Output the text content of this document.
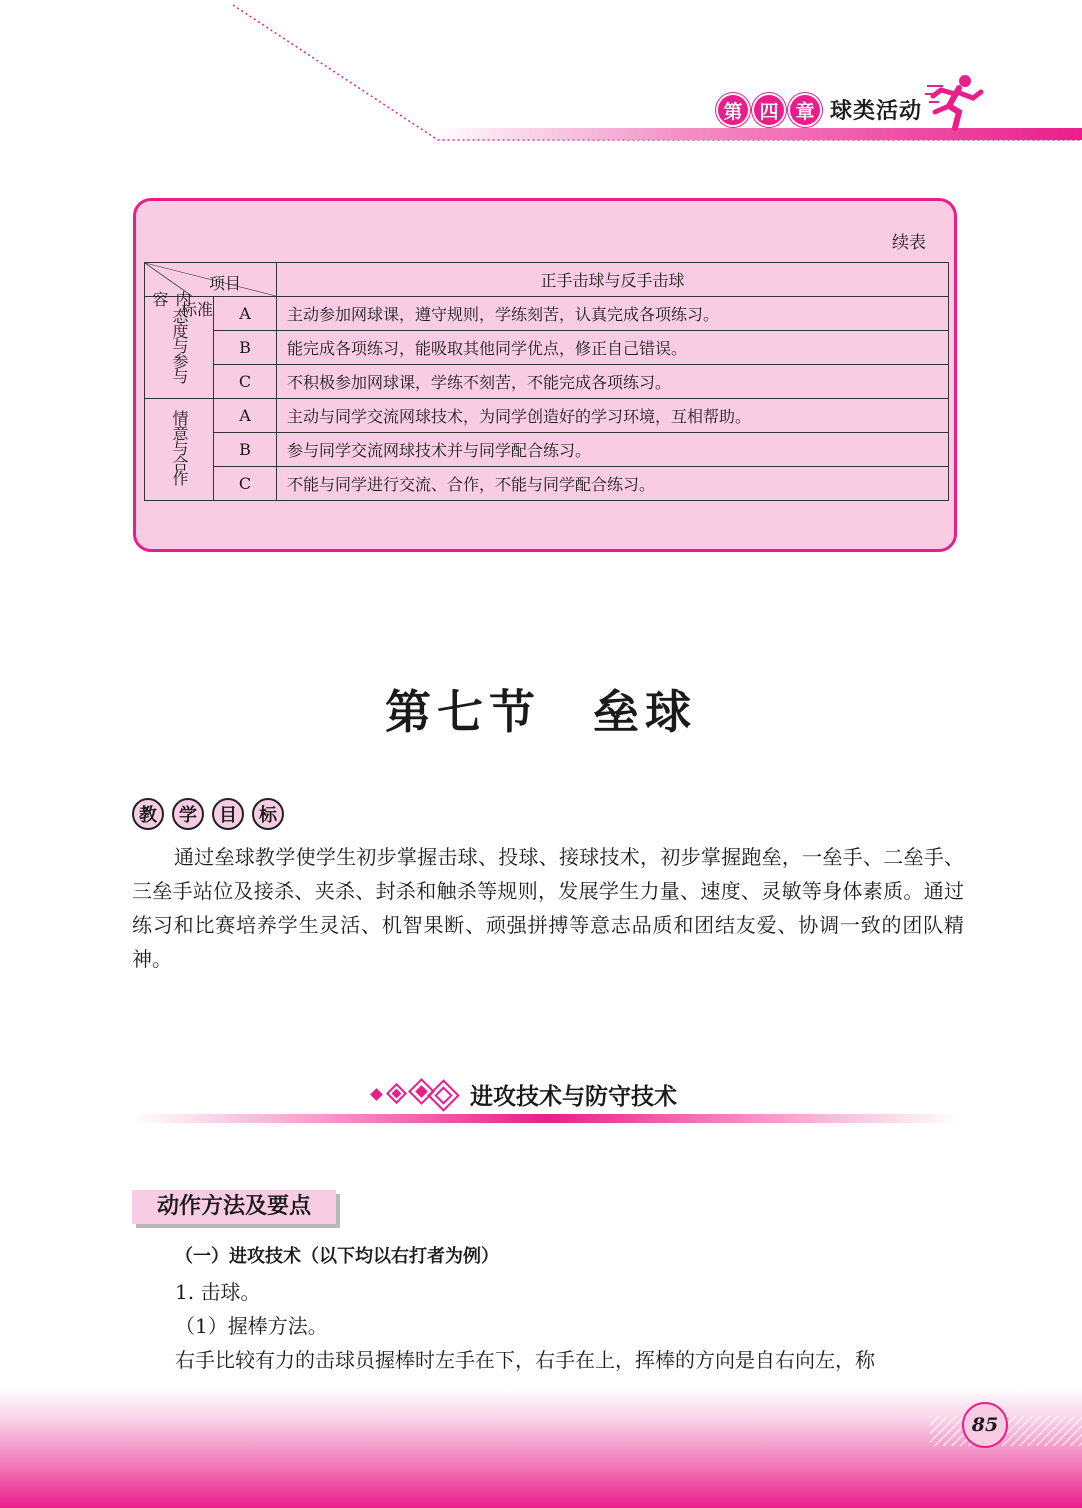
第 四 章 球类活动
续表
项目
标准
内容		正手击球与反手击球
态度与参与	A	主动参加网球课，遵守规则，学练刻苦，认真完成各项练习。
	B	能完成各项练习，能吸取其他同学优点，修正自己错误。
	C	不积极参加网球课，学练不刻苦，不能完成各项练习。
情意与合作	A	主动与同学交流网球技术，为同学创造好的学习环境，互相帮助。
	B	参与同学交流网球技术并与同学配合练习。
	C	不能与同学进行交流、合作，不能与同学配合练习。
第七节　垒球
教	学	目	标
通过垒球教学使学生初步掌握击球、投球、接球技术，初步掌握跑垒，一垒手、二垒手、三垒手站位及接杀、夹杀、封杀和触杀等规则，发展学生力量、速度、灵敏等身体素质。通过练习和比赛培养学生灵活、机智果断、顽强拼搏等意志品质和团结友爱、协调一致的团队精神。
进攻技术与防守技术
动作方法及要点
（一）进攻技术（以下均以右打者为例）
1. 击球。
（1）握棒方法。
右手比较有力的击球员握棒时左手在下，右手在上，挥棒的方向是自右向左，称
85
